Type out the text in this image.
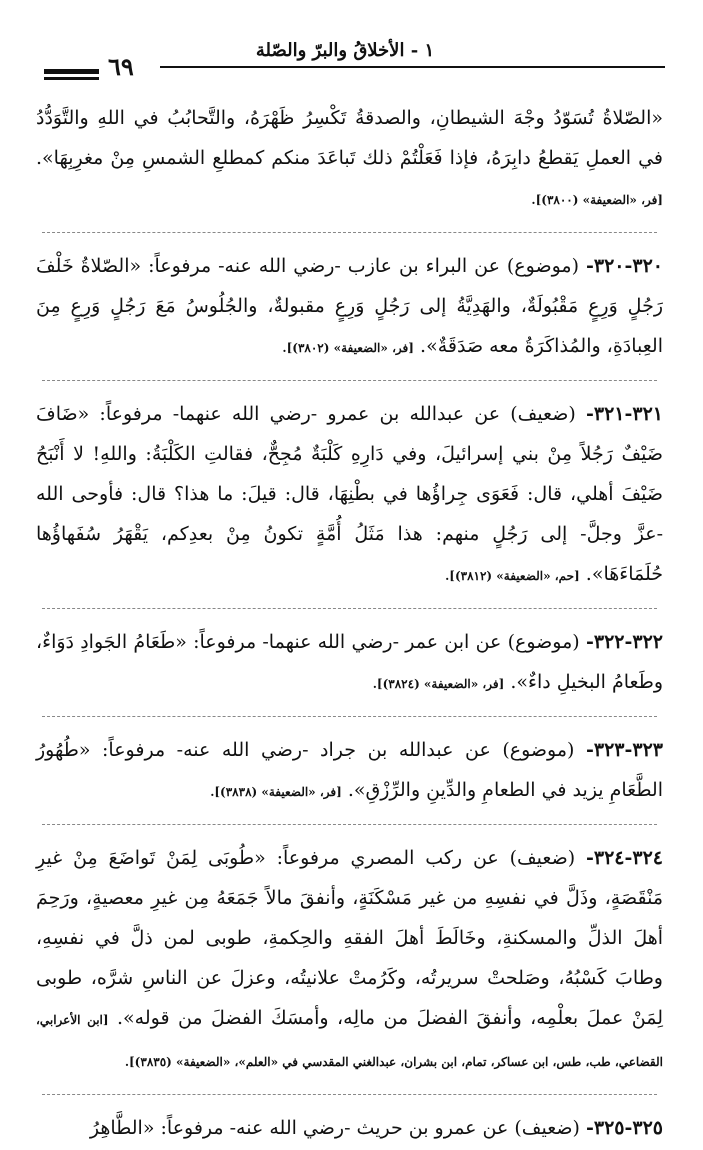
١ - الأخلاقُ والبرّ والصّلة
٦٩

«الصّلاةُ تُسَوّدُ وجْهَ الشيطانِ، والصدقةُ تَكْسِرُ ظَهْرَهُ، والتَّحابُبُ في اللهِ والتَّوَدُّدُ في العملِ يَقطعُ دابِرَهُ، فإذا فَعَلْتُمْ ذلك تَباعَدَ منكم كمطلعِ الشمسِ مِنْ مغرِبِهَا». [فر، «الضعيفة» (٣٨٠٠)].

٣٢٠-٣٢٠- (موضوع) عن البراء بن عازب -رضي الله عنه- مرفوعاً: «الصّلاةُ خَلْفَ رَجُلٍ وَرِعٍ مَقْبُولَةٌ، والهَدِيَّةُ إلى رَجُلٍ وَرِعٍ مقبولةٌ، والجُلُوسُ مَعَ رَجُلٍ وَرِعٍ مِنَ العِبادَةِ، والمُذاكَرَةُ معه صَدَقَةٌ». [فر، «الضعيفة» (٣٨٠٢)].

٣٢١-٣٢١- (ضعيف) عن عبدالله بن عمرو -رضي الله عنهما- مرفوعاً: «ضَافَ ضَيْفٌ رَجُلاً مِنْ بني إسرائيلَ، وفي دَارِهِ كَلْبَةٌ مُجِحٌّ، فقالتِ الكَلْبَةُ: واللهِ! لا أَنْبَحُ ضَيْفَ أهلي، قال: فَعَوَى جِراؤُها في بطْنِهَا، قال: قيلَ: ما هذا؟ قال: فأوحى الله -عزَّ وجلَّ- إلى رَجُلٍ منهم: هذا مَثَلُ أُمَّةٍ تكونُ مِنْ بعدِكم، يَقْهَرُ سُفَهاؤُها حُلَمَاءَهَا». [حم، «الضعيفة» (٣٨١٢)].

٣٢٢-٣٢٢- (موضوع) عن ابن عمر -رضي الله عنهما- مرفوعاً: «طَعَامُ الجَوادِ دَوَاءٌ، وطَعامُ البخيلِ داءٌ». [فر، «الضعيفة» (٣٨٢٤)].

٣٢٣-٣٢٣- (موضوع) عن عبدالله بن جراد -رضي الله عنه- مرفوعاً: «طُهُورُ الطَّعَامِ يزيد في الطعامِ والدِّينِ والرِّزْقِ». [فر، «الضعيفة» (٣٨٣٨)].

٣٢٤-٣٢٤- (ضعيف) عن ركب المصري مرفوعاً: «طُوبَى لِمَنْ تَواضَعَ مِنْ غيرِ مَنْقَصَةٍ، وذَلَّ في نفسِهِ من غير مَسْكَنَةٍ، وأنفقَ مالاً جَمَعَهُ مِن غيرِ معصيةٍ، ورَحِمَ أهلَ الذلِّ والمسكنةِ، وخَالَطَ أهلَ الفقهِ والحِكمةِ، طوبى لمن ذلَّ في نفسِهِ، وطابَ كَسْبُهُ، وصَلحتْ سريرتُه، وكَرُمتْ علانيتُه، وعزلَ عن الناسِ شرَّه، طوبى لِمَنْ عملَ بعلْمِه، وأنفقَ الفضلَ من مالِه، وأمسَكَ الفضلَ من قوله». [ابن الأعرابي، القضاعي، طب، طس، ابن عساكر، تمام، ابن بشران، عبدالغني المقدسي في «العلم»، «الضعيفة» (٣٨٣٥)].

٣٢٥-٣٢٥- (ضعيف) عن عمرو بن حريث -رضي الله عنه- مرفوعاً: «الطَّاهِرُ
